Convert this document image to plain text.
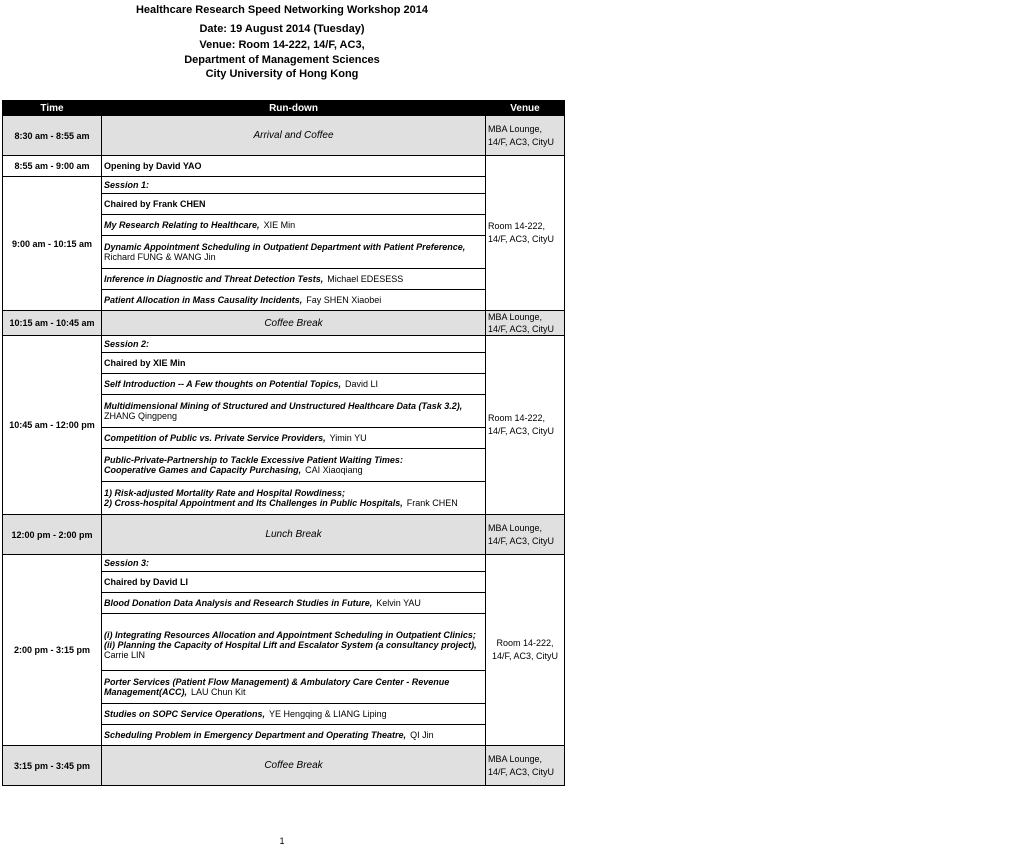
Healthcare Research Speed Networking Workshop 2014
Date: 19 August 2014 (Tuesday)
Venue: Room 14-222, 14/F, AC3,
Department of Management Sciences
City University of Hong Kong
Time	Run-down	Venue
8:30 am - 8:55 am	Arrival and Coffee	MBA Lounge,
14/F, AC3, CityU
8:55 am - 9:00 am	Opening by David YAO	Room 14-222,
14/F, AC3, CityU
9:00 am - 10:15 am	Session 1:	
	Chaired by Frank CHEN	
	My Research Relating to Healthcare, XIE Min	
	Dynamic Appointment Scheduling in Outpatient Department with Patient Preference,
Richard FUNG & WANG Jin	
	Inference in Diagnostic and Threat Detection Tests, Michael EDESESS	
	Patient Allocation in Mass Causality Incidents, Fay SHEN Xiaobei	
10:15 am - 10:45 am	Coffee Break	MBA Lounge,
14/F, AC3, CityU
10:45 am - 12:00 pm	Session 2:	Room 14-222,
14/F, AC3, CityU
	Chaired by XIE Min	
	Self Introduction -- A Few thoughts on Potential Topics, David LI	
	Multidimensional Mining of Structured and Unstructured Healthcare Data (Task 3.2),
ZHANG Qingpeng	
	Competition of Public vs. Private Service Providers, Yimin YU	
	Public-Private-Partnership to Tackle Excessive Patient Waiting Times:
Cooperative Games and Capacity Purchasing, CAI Xiaoqiang	
	1) Risk-adjusted Mortality Rate and Hospital Rowdiness;
2) Cross-hospital Appointment and Its Challenges in Public Hospitals, Frank CHEN	
12:00 pm - 2:00 pm	Lunch Break	MBA Lounge,
14/F, AC3, CityU
2:00 pm - 3:15 pm	Session 3:	Room 14-222,
14/F, AC3, CityU
	Chaired by David LI	
	Blood Donation Data Analysis and Research Studies in Future, Kelvin YAU	
	(i) Integrating Resources Allocation and Appointment Scheduling in Outpatient Clinics;
(ii) Planning the Capacity of Hospital Lift and Escalator System (a consultancy project),
Carrie LIN	
	Porter Services (Patient Flow Management) & Ambulatory Care Center - Revenue
Management(ACC), LAU Chun Kit	
	Studies on SOPC Service Operations, YE Hengqing & LIANG Liping	
	Scheduling Problem in Emergency Department and Operating Theatre, QI Jin	
3:15 pm - 3:45 pm	Coffee Break	MBA Lounge,
14/F, AC3, CityU
1
